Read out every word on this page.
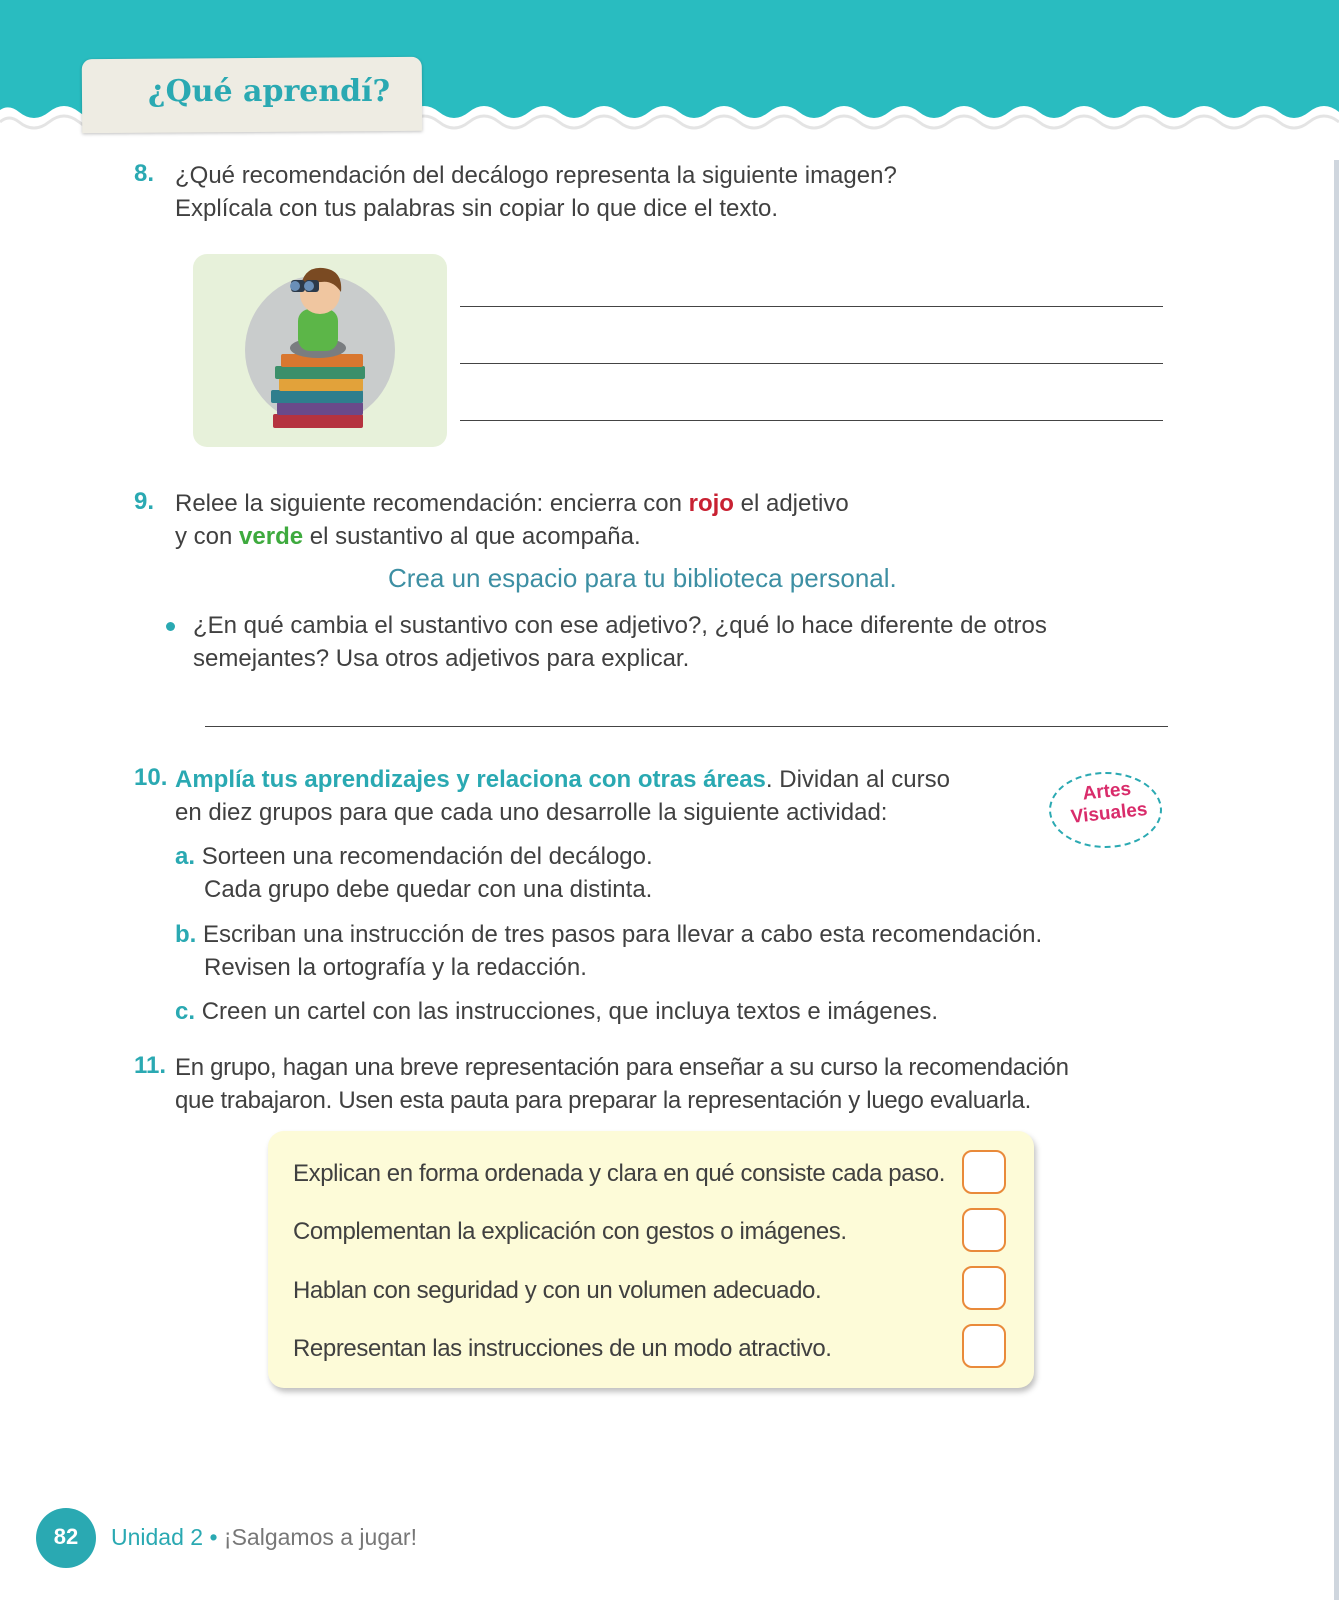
¿Qué aprendí?
8. ¿Qué recomendación del decálogo representa la siguiente imagen?
Explícala con tus palabras sin copiar lo que dice el texto.
9. Relee la siguiente recomendación: encierra con rojo el adjetivo
y con verde el sustantivo al que acompaña.
Crea un espacio para tu biblioteca personal.
¿En qué cambia el sustantivo con ese adjetivo?, ¿qué lo hace diferente de otros
semejantes? Usa otros adjetivos para explicar.
10. Amplía tus aprendizajes y relaciona con otras áreas. Dividan al curso
en diez grupos para que cada uno desarrolle la siguiente actividad:
Artes
Visuales
a. Sorteen una recomendación del decálogo.
Cada grupo debe quedar con una distinta.
b. Escriban una instrucción de tres pasos para llevar a cabo esta recomendación.
Revisen la ortografía y la redacción.
c. Creen un cartel con las instrucciones, que incluya textos e imágenes.
11. En grupo, hagan una breve representación para enseñar a su curso la recomendación
que trabajaron. Usen esta pauta para preparar la representación y luego evaluarla.
Explican en forma ordenada y clara en qué consiste cada paso.
Complementan la explicación con gestos o imágenes.
Hablan con seguridad y con un volumen adecuado.
Representan las instrucciones de un modo atractivo.
82	Unidad 2 • ¡Salgamos a jugar!
